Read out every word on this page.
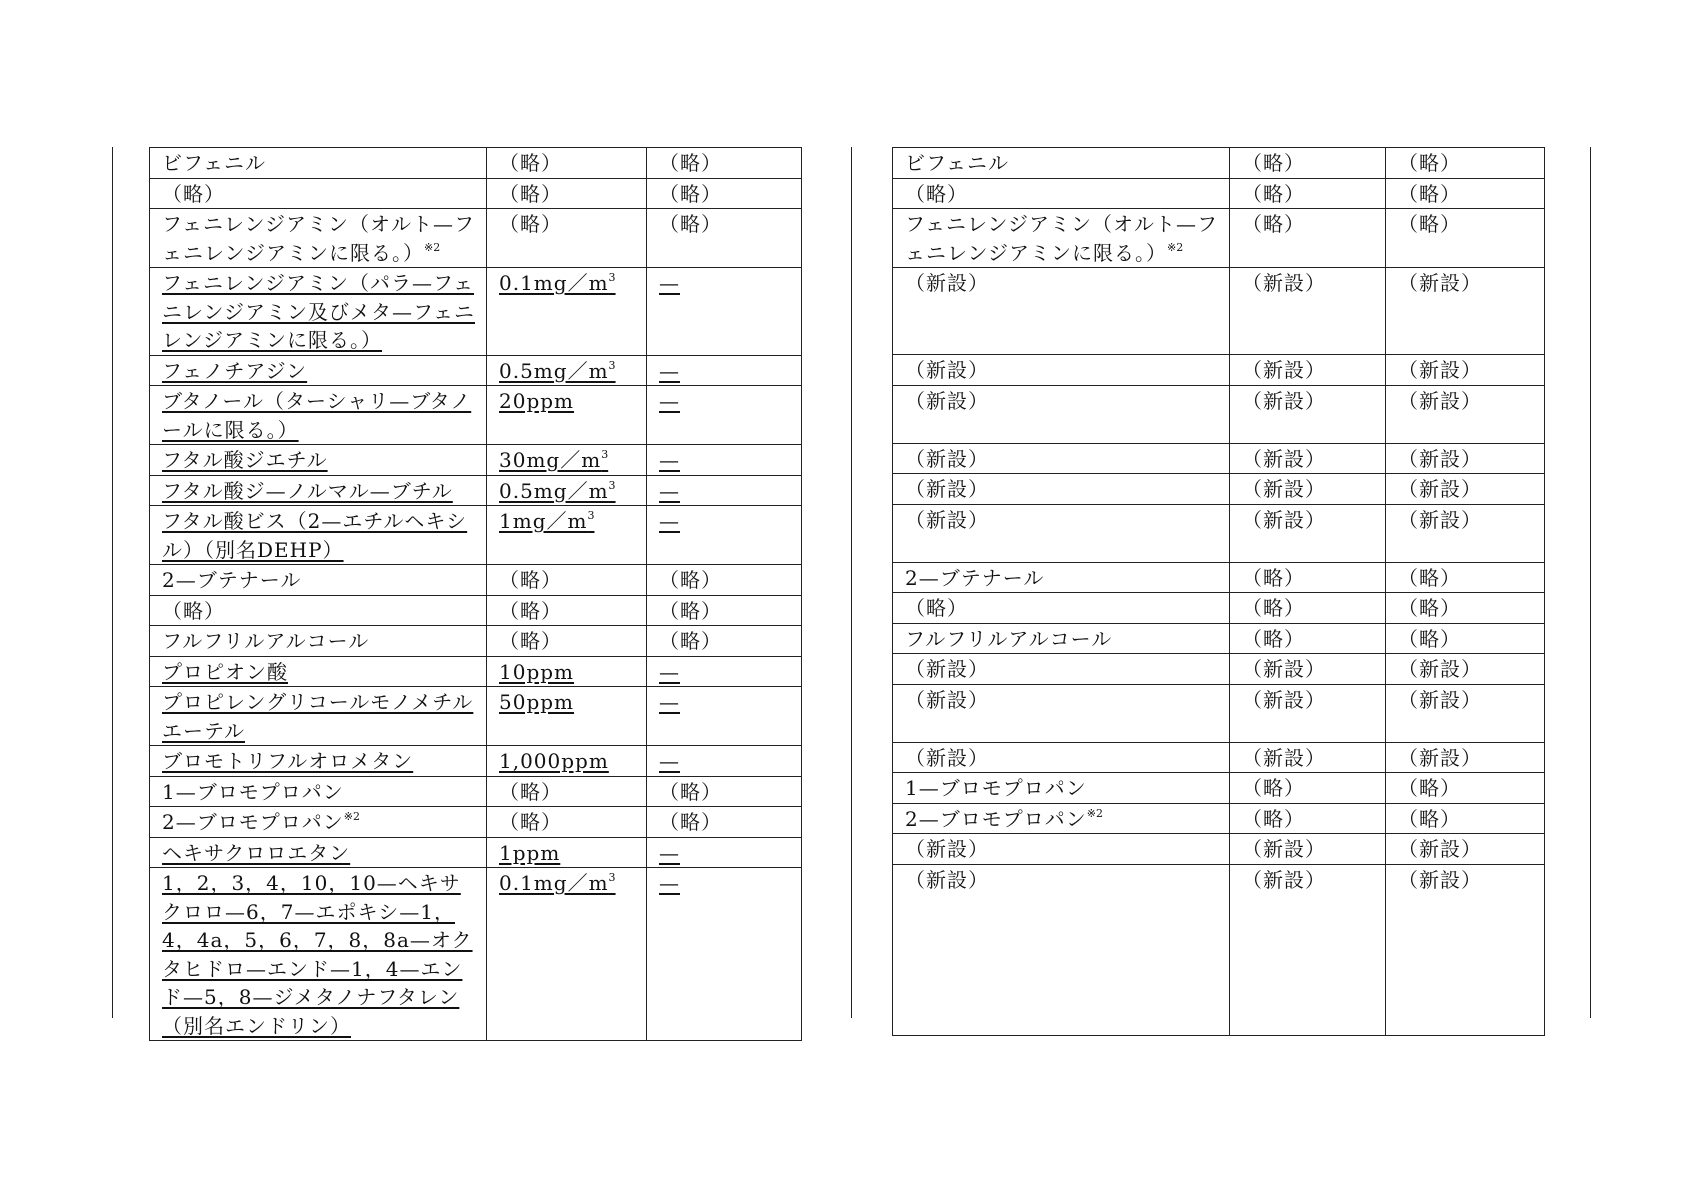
ビフェニル	（略）	（略）
（略）	（略）	（略）
フェニレンジアミン（オルト—フェニレンジアミンに限る。）$^{※2}$	（略）	（略）
フェニレンジアミン（パラ—フェニレンジアミン及びメタ—フェニレンジアミンに限る。）	$0.1mg/m^3$	—
フェノチアジン	$0.5mg/m^3$	—
ブタノール（ターシャリ—ブタノールに限る。）	20ppm	—
フタル酸ジエチル	$30mg/m^3$	—
フタル酸ジ—ノルマル—ブチル	$0.5mg/m^3$	—
フタル酸ビス（2—エチルヘキシル）（別名DEHP）	$1mg/m^3$	—
2—ブテナール	（略）	（略）
（略）	（略）	（略）
フルフリルアルコール	（略）	（略）
プロピオン酸	10ppm	—
プロピレングリコールモノメチルエーテル	50ppm	—
ブロモトリフルオロメタン	1,000ppm	—
1—ブロモプロパン	（略）	（略）
2—ブロモプロパン$^{※2}$	（略）	（略）
ヘキサクロロエタン	1ppm	—
1，2，3，4，10，10—ヘキサクロロ—6，7—エポキシ—1，4，4a，5，6，7，8，8a—オクタヒドロ—エンド—1，4—エンド—5，8—ジメタノナフタレン（別名エンドリン）	$0.1mg/m^3$	—
ビフェニル	（略）	（略）
（略）	（略）	（略）
フェニレンジアミン（オルト—フェニレンジアミンに限る。）$^{※2}$	（略）	（略）
（新設）	（新設）	（新設）
（新設）	（新設）	（新設）
（新設）	（新設）	（新設）
（新設）	（新設）	（新設）
（新設）	（新設）	（新設）
（新設）	（新設）	（新設）
2—ブテナール	（略）	（略）
（略）	（略）	（略）
フルフリルアルコール	（略）	（略）
（新設）	（新設）	（新設）
（新設）	（新設）	（新設）
（新設）	（新設）	（新設）
1—ブロモプロパン	（略）	（略）
2—ブロモプロパン$^{※2}$	（略）	（略）
（新設）	（新設）	（新設）
（新設）	（新設）	（新設）
